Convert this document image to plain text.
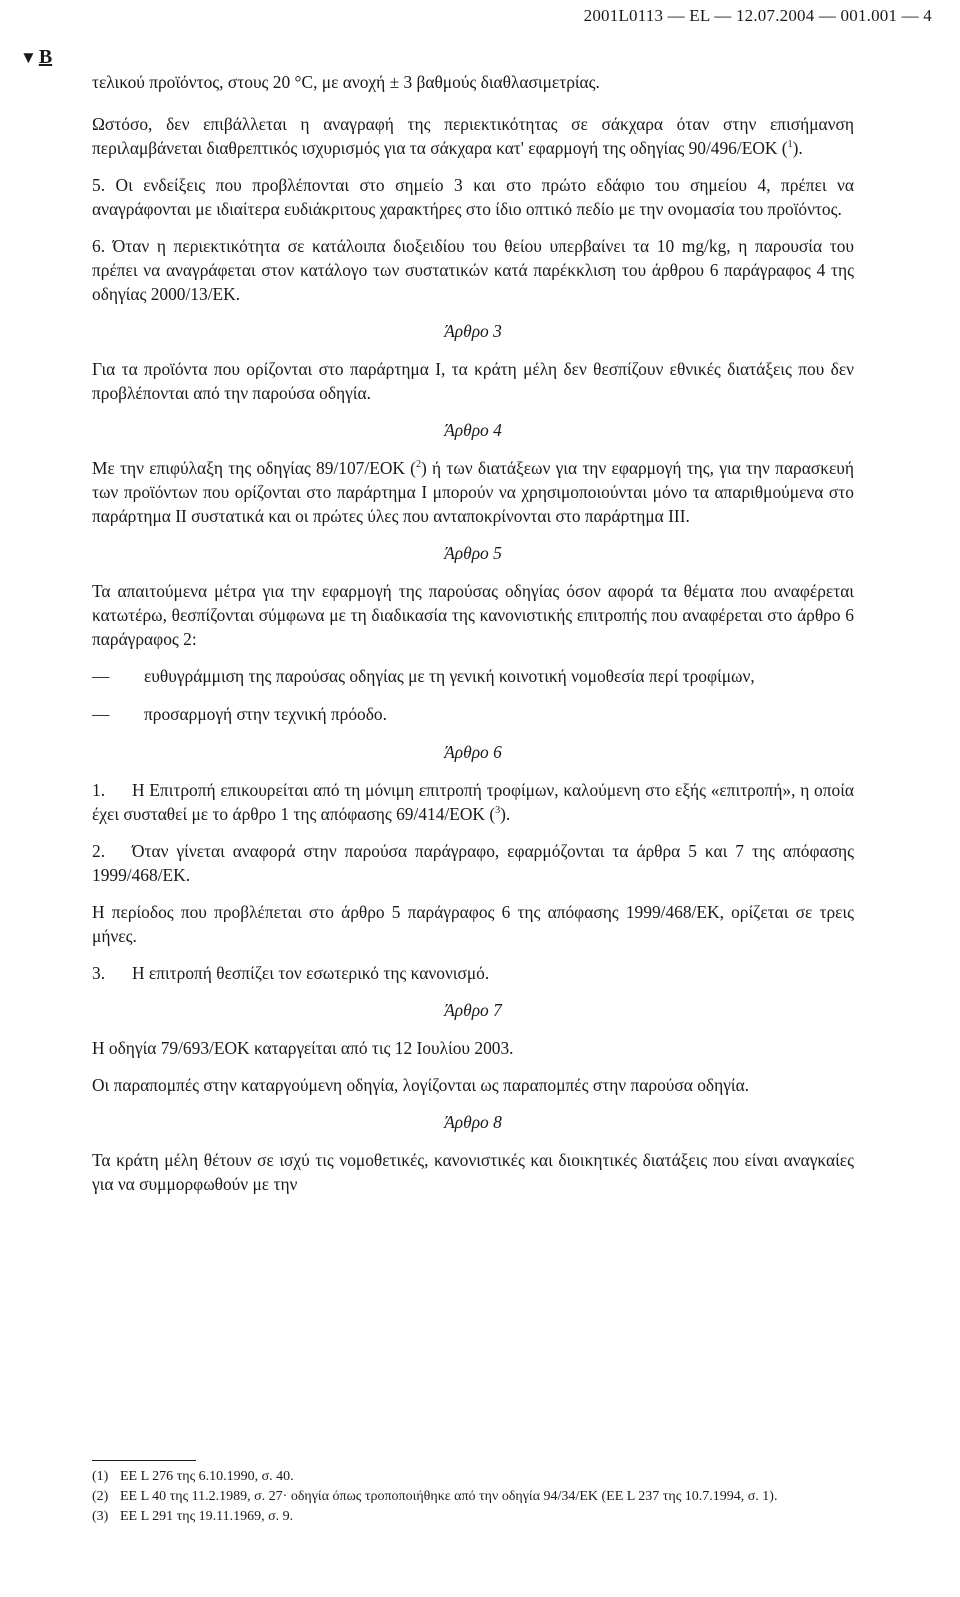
2001L0113 — EL — 12.07.2004 — 001.001 — 4
▼ B

τελικού προϊόντος, στους 20 °C, με ανοχή ± 3 βαθμούς διαθλασιμετρίας.

Ωστόσο, δεν επιβάλλεται η αναγραφή της περιεκτικότητας σε σάκχαρα όταν στην επισήμανση περιλαμβάνεται διαθρεπτικός ισχυρισμός για τα σάκχαρα κατ' εφαρμογή της οδηγίας 90/496/ΕΟΚ ($^1$).

5. Οι ενδείξεις που προβλέπονται στο σημείο 3 και στο πρώτο εδάφιο του σημείου 4, πρέπει να αναγράφονται με ιδιαίτερα ευδιάκριτους χαρακτήρες στο ίδιο οπτικό πεδίο με την ονομασία του προϊόντος.

6. Όταν η περιεκτικότητα σε κατάλοιπα διοξειδίου του θείου υπερβαίνει τα 10 mg/kg, η παρουσία του πρέπει να αναγράφεται στον κατάλογο των συστατικών κατά παρέκκλιση του άρθρου 6 παράγραφος 4 της οδηγίας 2000/13/ΕΚ.

Άρθρο 3

Για τα προϊόντα που ορίζονται στο παράρτημα I, τα κράτη μέλη δεν θεσπίζουν εθνικές διατάξεις που δεν προβλέπονται από την παρούσα οδηγία.

Άρθρο 4

Με την επιφύλαξη της οδηγίας 89/107/ΕΟΚ ($^2$) ή των διατάξεων για την εφαρμογή της, για την παρασκευή των προϊόντων που ορίζονται στο παράρτημα I μπορούν να χρησιμοποιούνται μόνο τα απαριθμούμενα στο παράρτημα II συστατικά και οι πρώτες ύλες που ανταποκρίνονται στο παράρτημα III.

Άρθρο 5

Τα απαιτούμενα μέτρα για την εφαρμογή της παρούσας οδηγίας όσον αφορά τα θέματα που αναφέρεται κατωτέρω, θεσπίζονται σύμφωνα με τη διαδικασία της κανονιστικής επιτροπής που αναφέρεται στο άρθρο 6 παράγραφος 2:

—	ευθυγράμμιση της παρούσας οδηγίας με τη γενική κοινοτική νομοθεσία περί τροφίμων,
—	προσαρμογή στην τεχνική πρόοδο.
Άρθρο 6

1. Η Επιτροπή επικουρείται από τη μόνιμη επιτροπή τροφίμων, καλούμενη στο εξής «επιτροπή», η οποία έχει συσταθεί με το άρθρο 1 της απόφασης 69/414/ΕΟΚ ($^3$).

2. Όταν γίνεται αναφορά στην παρούσα παράγραφο, εφαρμόζονται τα άρθρα 5 και 7 της απόφασης 1999/468/ΕΚ.

Η περίοδος που προβλέπεται στο άρθρο 5 παράγραφος 6 της απόφασης 1999/468/ΕΚ, ορίζεται σε τρεις μήνες.

3. Η επιτροπή θεσπίζει τον εσωτερικό της κανονισμό.

Άρθρο 7

Η οδηγία 79/693/ΕΟΚ καταργείται από τις 12 Ιουλίου 2003.

Οι παραπομπές στην καταργούμενη οδηγία, λογίζονται ως παραπομπές στην παρούσα οδηγία.

Άρθρο 8

Τα κράτη μέλη θέτουν σε ισχύ τις νομοθετικές, κανονιστικές και διοικητικές διατάξεις που είναι αναγκαίες για να συμμορφωθούν με την

(1) ΕΕ L 276 της 6.10.1990, σ. 40.
(2) ΕΕ L 40 της 11.2.1989, σ. 27· οδηγία όπως τροποποιήθηκε από την οδηγία 94/34/ΕΚ (ΕΕ L 237 της 10.7.1994, σ. 1).
(3) ΕΕ L 291 της 19.11.1969, σ. 9.
